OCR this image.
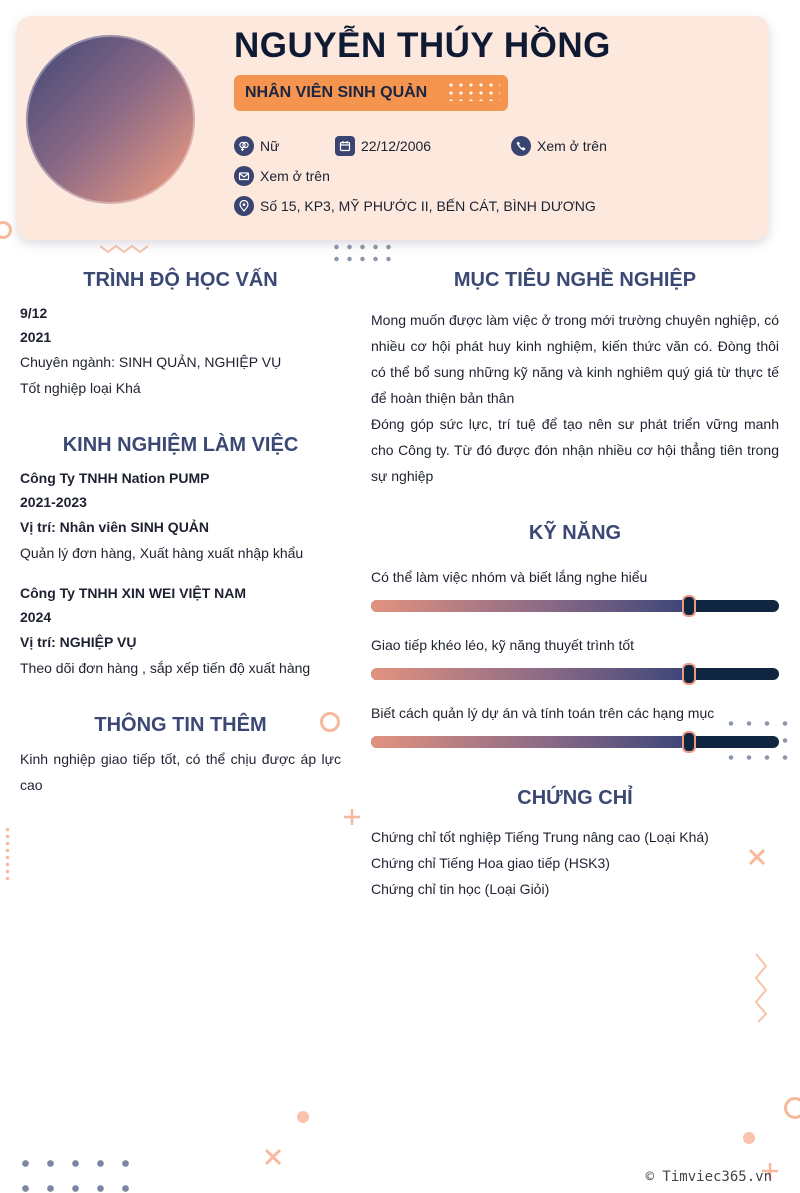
NGUYỄN THÚY HỒNG
NHÂN VIÊN SINH QUẢN
Nữ	22/12/2006	Xem ở trên
Xem ở trên
Số 15, KP3, MỸ PHƯỚC II, BẾN CÁT, BÌNH DƯƠNG
TRÌNH ĐỘ HỌC VẤN
9/12
2021
Chuyên ngành: SINH QUẢN, NGHIỆP VỤ
Tốt nghiệp loại Khá
KINH NGHIỆM LÀM VIỆC
Công Ty TNHH Nation PUMP
2021-2023
Vị trí: Nhân viên SINH QUẢN
Quản lý đơn hàng, Xuất hàng xuất nhập khẩu
Công Ty TNHH XIN WEI VIỆT NAM
2024
Vị trí: NGHIỆP VỤ
Theo dõi đơn hàng , sắp xếp tiến độ xuất hàng
THÔNG TIN THÊM
Kinh nghiệp giao tiếp tốt, có thể chịu được áp lực cao
MỤC TIÊU NGHỀ NGHIỆP
Mong muốn được làm việc ở trong mới trường chuyên nghiệp, có nhiều cơ hội phát huy kinh nghiệm, kiến thức văn có. Đòng thôi có thể bổ sung những kỹ năng và kinh nghiêm quý giá từ thực tế để hoàn thiện bản thân
Đóng góp sức lực, trí tuệ để tạo nên sư phát triển vững manh cho Công ty. Từ đó được đón nhận nhiều cơ hội thẳng tiên trong sự nghiệp
KỸ NĂNG
Có thể làm việc nhóm và biết lắng nghe hiểu
Giao tiếp khéo léo, kỹ năng thuyết trình tốt
Biết cách quản lý dự án và tính toán trên các hạng mục
CHỨNG CHỈ
Chứng chỉ tốt nghiệp Tiếng Trung nâng cao (Loại Khá)
Chứng chỉ Tiếng Hoa giao tiếp (HSK3)
Chứng chỉ tin học (Loại Giỏi)
© Timviec365.vn
